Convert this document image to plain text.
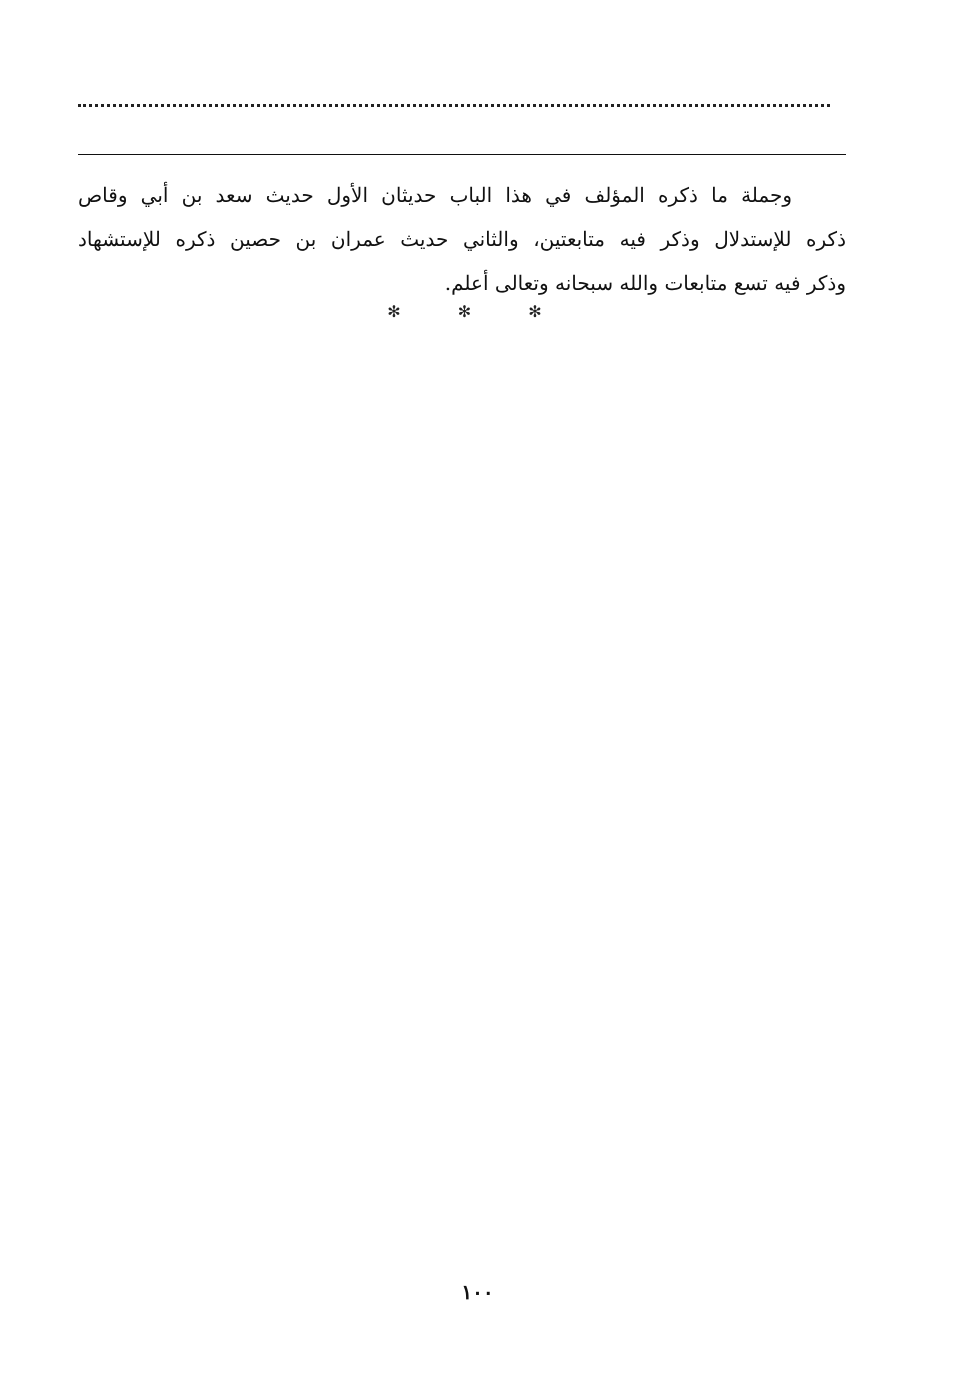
وجملة ما ذكره المؤلف في هذا الباب حديثان الأول حديث سعد بن أبي وقاص
ذكره للإستدلال وذكر فيه متابعتين، والثاني حديث عمران بن حصين ذكره للإستشهاد
وذكر فيه تسع متابعات والله سبحانه وتعالى أعلم.
✻ ✻ ✻
١٠٠
